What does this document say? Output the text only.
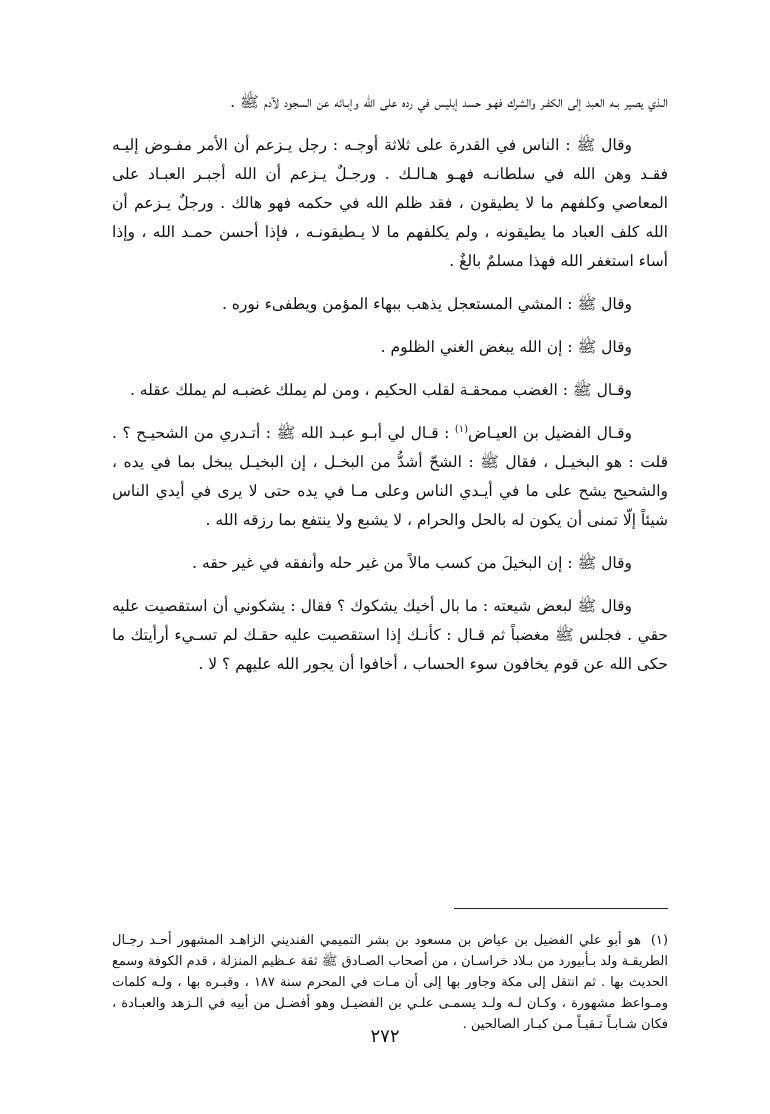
الـذي يصير بـه العبد إلى الكفـر والشرك فهـو حسد إبليس في رده على الله وإبـائه عن السجود لآدم ﷺ .

وقال ﷺ : الناس في القدرة على ثلاثة أوجـه : رجل يـزعم أن الأمر مفـوض إليـه فقـد وهن الله في سلطانـه فهـو هـالـك . ورجـلٌ يـزعم أن الله أجبـر العبـاد على المعاصي وكلفهم ما لا يطيقون ، فقد ظلم الله في حكمه فهو هالك . ورجلٌ يـزعم أن الله كلف العباد ما يطيقونه ، ولم يكلفهم ما لا يـطيقونـه ، فإذا أحسن حمـد الله ، وإذا أساء استغفر الله فهذا مسلمٌ بالغٌ .

وقال ﷺ : المشي المستعجل يذهب ببهاء المؤمن ويطفىء نوره .

وقال ﷺ : إن الله يبغض الغني الظلوم .

وقـال ﷺ : الغضب ممحقـة لقلب الحكيم ، ومن لم يملك غضبـه لم يملك عقله .

وقـال الفضيل بن العيـاض$^{(١)}$ : قـال لي أبـو عبـد الله ﷺ : أتـدري من الشحيـح ؟ . قلت : هو البخيـل ، فقال ﷺ : الشحّ أشدُّ من البخـل ، إن البخيـل يبخل بما في يده ، والشحيح يشح على ما في أيـدي الناس وعلى مـا في يده حتى لا يرى في أيدي الناس شيئاً إلّا تمنى أن يكون له بالحل والحرام ، لا يشبع ولا ينتفع بما رزقه الله .

وقال ﷺ : إن البخيلَ من كسب مالاً من غير حله وأنفقه في غير حقه .

وقال ﷺ لبعض شيعته : ما بال أخيك يشكوك ؟ فقال : يشكوني أن استقصيت عليه حقي . فجلس ﷺ مغضباً ثم قـال : كأنـك إذا استقصيت عليه حقـك لم تسـيء أرأيتك ما حكى الله عن قوم يخافون سوء الحساب ، أخافوا أن يجور الله عليهم ؟ لا .

(١) هو أبو علي الفضيل بن عياض بن مسعود بن بشر التميمي الفنديني الزاهـد المشهور أحـد رجـال الطريقـة ولد بـأبيورد من بـلاد خراسـان ، من أصحاب الصـادق ﷺ ثقة عـظيم المنزلة ، قدم الكوفة وسمع الحديث بها . ثم انتقل إلى مكة وجاور بها إلى أن مـات في المحرم سنة ١٨٧ ، وقبـره بها ، ولـه كلمات ومـواعظ مشهورة ، وكـان لـه ولـد يسمـى علـي بن الفضيـل وهو أفضـل من أبيه في الـزهد والعبـادة ، فكان شـابـاً تـقيـاً مـن كبـار الصالحين .
٢٧٢
